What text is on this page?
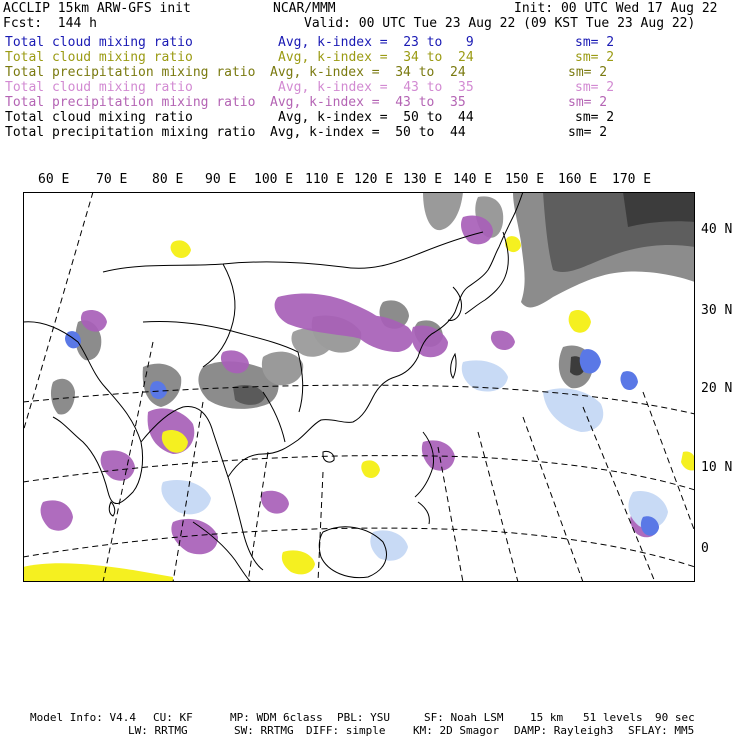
ACCLIP 15km ARW-GFS init	NCAR/MMM	Init: 00 UTC Wed 17 Aug 22
Fcst:  144 h	Valid: 00 UTC Tue 23 Aug 22 (09 KST Tue 23 Aug 22)
Total cloud mixing ratio	Avg, k-index =  23 to   9	sm= 2
Total cloud mixing ratio	Avg, k-index =  34 to  24	sm= 2
Total precipitation mixing ratio Avg, k-index =  34 to  24	sm= 2
Total cloud mixing ratio	Avg, k-index =  43 to  35	sm= 2
Total precipitation mixing ratio Avg, k-index =  43 to  35	sm= 2
Total cloud mixing ratio	Avg, k-index =  50 to  44	sm= 2
Total precipitation mixing ratio Avg, k-index =  50 to  44	sm= 2
60 E 70 E 80 E 90 E 100 E 110 E 120 E 130 E 140 E 150 E 160 E 170 E
40 N
30 N
20 N
10 N
0
Model Info: V4.4 CU: KF	MP: WDM 6class PBL: YSU	SF: Noah LSM 15 km 51 levels 90 sec
LW: RRTMG	SW: RRTMG DIFF: simple	KM: 2D Smagor DAMP: Rayleigh3 SFLAY: MM5
